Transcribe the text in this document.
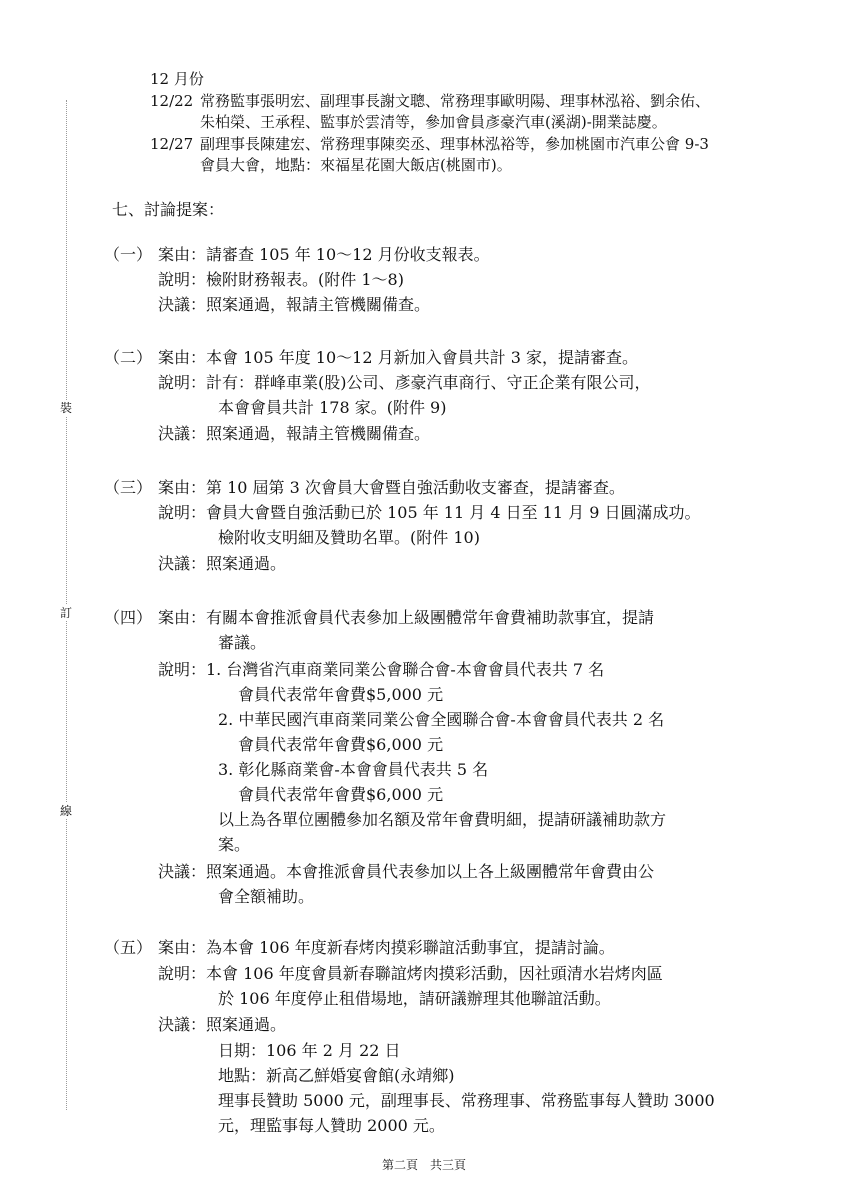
裝
訂
線
12 月份
12/22 常務監事張明宏、副理事長謝文聰、常務理事歐明陽、理事林泓裕、劉余佑、
朱柏榮、王承程、監事於雲清等，參加會員彥豪汽車(溪湖)-開業誌慶。
12/27 副理事長陳建宏、常務理事陳奕丞、理事林泓裕等，參加桃園市汽車公會 9-3
會員大會，地點：來福星花園大飯店(桃園市)。
七、討論提案：
（一） 案由：請審查 105 年 10～12 月份收支報表。
說明：檢附財務報表。(附件 1～8)
決議：照案通過，報請主管機關備查。
（二） 案由：本會 105 年度 10～12 月新加入會員共計 3 家，提請審查。
說明：計有：群峰車業(股)公司、彥豪汽車商行、守正企業有限公司，
本會會員共計 178 家。(附件 9)
決議：照案通過，報請主管機關備查。
（三） 案由：第 10 屆第 3 次會員大會暨自強活動收支審查，提請審查。
說明：會員大會暨自強活動已於 105 年 11 月 4 日至 11 月 9 日圓滿成功。
檢附收支明細及贊助名單。(附件 10)
決議：照案通過。
（四） 案由：有關本會推派會員代表參加上級團體常年會費補助款事宜，提請
審議。
說明：1. 台灣省汽車商業同業公會聯合會-本會會員代表共 7 名
會員代表常年會費$5,000 元
2. 中華民國汽車商業同業公會全國聯合會-本會會員代表共 2 名
會員代表常年會費$6,000 元
3. 彰化縣商業會-本會會員代表共 5 名
會員代表常年會費$6,000 元
以上為各單位團體參加名額及常年會費明細，提請研議補助款方
案。
決議：照案通過。本會推派會員代表參加以上各上級團體常年會費由公
會全額補助。
（五） 案由：為本會 106 年度新春烤肉摸彩聯誼活動事宜，提請討論。
說明：本會 106 年度會員新春聯誼烤肉摸彩活動，因社頭清水岩烤肉區
於 106 年度停止租借場地，請研議辦理其他聯誼活動。
決議：照案通過。
日期：106 年 2 月 22 日
地點：新高乙鮮婚宴會館(永靖鄉)
理事長贊助 5000 元，副理事長、常務理事、常務監事每人贊助 3000
元，理監事每人贊助 2000 元。
第二頁　共三頁
